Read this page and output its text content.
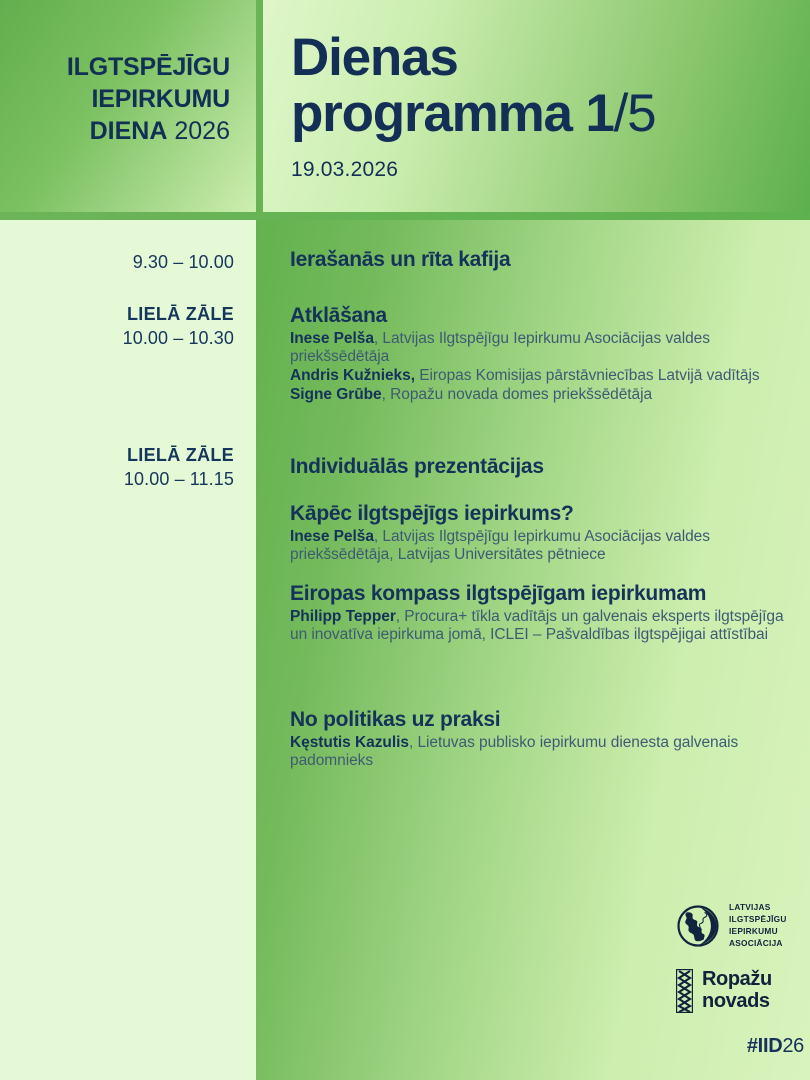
ILGTSPĒJĪGU
IEPIRKUMU
DIENA 2026
Dienas
programma 1/5
19.03.2026
9.30 – 10.00
LIELĀ ZĀLE
10.00 – 10.30
LIELĀ ZĀLE
10.00 – 11.15
Ierašanās un rīta kafija
Atklāšana
Inese Pelša, Latvijas Ilgtspējīgu Iepirkumu Asociācijas valdes priekšsēdētāja
Andris Kužnieks, Eiropas Komisijas pārstāvniecības Latvijā vadītājs
Signe Grūbe, Ropažu novada domes priekšsēdētāja
Individuālās prezentācijas
Kāpēc ilgtspējīgs iepirkums?
Inese Pelša, Latvijas Ilgtspējīgu Iepirkumu Asociācijas valdes priekšsēdētāja, Latvijas Universitātes pētniece
Eiropas kompass ilgtspējīgam iepirkumam
Philipp Tepper, Procura+ tīkla vadītājs un galvenais eksperts ilgtspējīga un inovatīva iepirkuma jomā, ICLEI – Pašvaldības ilgtspējigai attīstībai
No politikas uz praksi
Kęstutis Kazulis, Lietuvas publisko iepirkumu dienesta galvenais padomnieks
LATVIJAS
ILGTSPĒJĪGU
IEPIRKUMU
ASOCIĀCIJA
Ropažu
novads
#IID26
